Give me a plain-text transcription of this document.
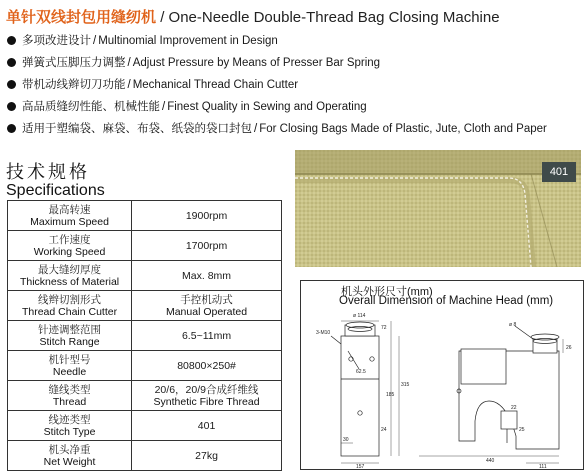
单针双线封包用缝纫机 / One-Needle Double-Thread Bag Closing Machine
多项改进设计 / Multinomial Improvement in Design
弹簧式压脚压力调整 / Adjust Pressure by Means of Presser Bar Spring
带机动线辫切刀功能 / Mechanical Thread Chain Cutter
高品质缝纫性能、机械性能 / Finest Quality in Sewing and Operating
适用于塑编袋、麻袋、布袋、纸袋的袋口封包 / For Closing Bags Made of Plastic, Jute, Cloth and Paper
技术规格
Specifications
最高转速
Maximum Speed	1900rpm

工作速度
Working Speed	1700rpm

最大缝纫厚度
Thickness of Material	Max. 8mm

线辫切割形式
Thread Chain Cutter	手控机动式
Manual Operated

针迹调整范围
Stitch Range	6.5~11mm

机针型号
Needle	80800×250#

缝线类型
Thread	20/6，20/9合成纤维线
Synthetic Fibre Thread

线迹类型
Stitch Type	401

机头净重
Net Weight	27kg
401
机头外形尺寸(mm)
Overall Dimension of Machine Head (mm)
3-M10
ø 114
72
62.5
185
315
24
30
157
ø 8
26
22
25
440
111
